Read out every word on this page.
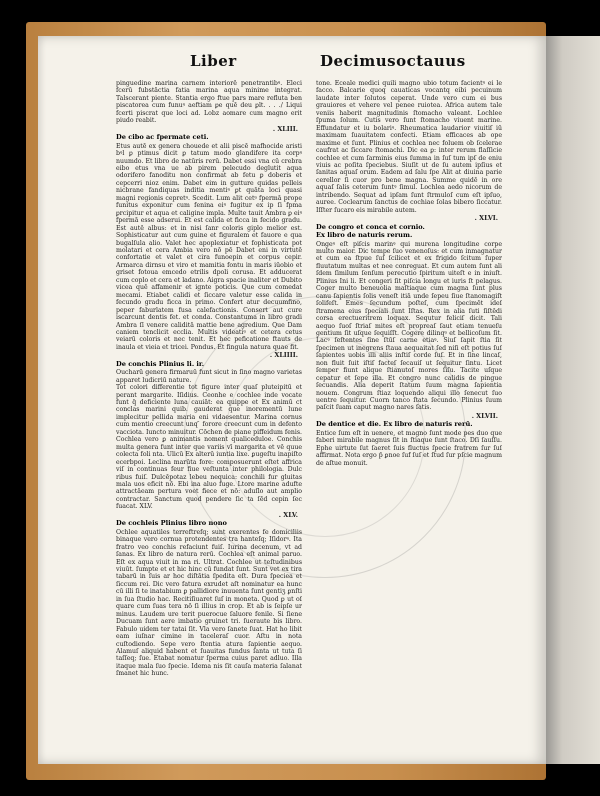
Liber	Decimusoctauus

pinguedine marina carnem interiorē penetrantibꝰ. Eleci fcerū fubstāctia fatia marina aqua minime integrat. Talscerant piente. Stantia ergo ftue pars mare refluta ben piscatorea cum funuꝰ aeftiam ꝑe quē deu ꝑlt. . . ./ Liqui fcerti piscrat que loci ad. Lobz aomare cum magno erit piudo reabit.

. XLIII.

De cibo ac fpermate ceti.

Etus autē ex genera chouede et alii piscē mafhocide aristi bꝰl ꝑ ptimus dicit ꝑ tatum modo glandifere ita corpꝰ nuumdo. Et libro de natūris rerū. Dabet essi vna cū crebra eibo etus vna ue ab pirem pelecudo deglutit aqua odorifero fanoditu non confirmat ab fetu ꝑ doberis et cepcerri nioz enim. Dabet eim in gutture quidas pelleis nicbrane fandiquas inditia mentiꝰ ꝑt quāta loci quasi magni regionis cepretꝰ. Scedit. Lum alit cetꝰ fpermā prope funitus exponitur cum fenina eiꝰ fugitur ex ip ſi fpma ꝑrcipitur et aqua et caligine impla. Multe tauit Ambra ꝑ eiꝰ fpermā esse adserui. Et est calida et ficca in fecido gradu. Est autē albus: et in nisi ſanr coloris giplo melior est. Sophisticatur aut cum guine et figuralem et fauore e qua bugalſula alio. Valet hec apoplexiatur et fophisticata pot molatari et cera Ambia vero nō pē Dabet eni in virtutē confortatie et valet et cira funoepin et corpus cepir. Armarca dirnsu et viro et mamitia fontu in maris iūobio et griset fotoua emcedo etrilis dpoli corusa. Et adducerat cum coplo et cera et ladano. Aigra spacie inaliter et Dubito vicea quē affamenir et ignte poticis. Que cum comedat mecami. Etiabet calidi et ſiccare valetur esse calida in fecundo gradu ficca in primo. Confert atur decuumfino, peper faburlatem fusa calefactionis. Consert aut cure iscarcunt dentis fet. et conda. Constantuma in libro gradi Ambra ſī venere caliditā mattie bene agredium. Que Dam caniem tenclicit ecclia. Multis videatiꝰ et cetera cetus veiarū coloris et nec tenit. Et hec peficatione ftauts de inaula et vieia et tricei. Pondus. Et fingula natura quae fit.

. XLIIII.

De conchis Plinius li. ir.

Oucharū genera firmaruū funt sicut in ſino magno varietas apparet ludicriū nature.

Tot colori differentie tot figure inter quaſ pluteipitū et perant margarite. Iſidius. Ceonhe e cochlee inde vocate funt q̄ deficiente luna cauiāt: ea quippe et Ex animū ct conclas marini quib. gauderat que inorementū lune implecitur pellida maria eni vidaesentur. Marina cornus cum mentio creecunt unq ̄ forore creecunt cum in defento vacciota. Iuncto minuitur. Cōchen de piane piffeidum fenis. Cochlea vero ꝑ animantis noment qualiceduloe. Conchis multa genera funt inter que variis vī margarita et vē quue colecta foli nta. Ulicū Ex alterū iuntia lixe. ꝑugeſtu inapiſto ecerbpoi. Leclina marūta fore: composuerunt eſtet affrica viſ in continuas feur fiue veſtunta inter philologia. Dulc ribus fuiſ. Dulcēpotaz lebeu nequica: conchili fur gluitas mala uos eficit nō. Ebi ina aluo fuge. Ltore marine adufte attractāeam pertura voet fiece et nō: aduſlo aut amplio contractar. Sanctum quod pendere ſic ta ſēd cepin ſec fuacat. XLV.

. XLV.

De cochleis Plinius libro nono

Ochlee aquatiles terreftrefq; sunt exerentes fe domiciliis binaque vero cornua protendentes tra hanteſq; Iſidorꝰ. Ita fratro veo conchis refaciunt fuiſ. Iurina decenum, vt ad ſanas. Ex libro de natura rerū. Cochlea eſt animal paruo. Eſt ex aqua viuit in ma ri. Ultrat. Cochlee ut teſtudinibus viuūt. ſumpte et et hic hinc cū fundat ſunt. Sunt vet ex tira tabarū in ſuis ar hoc diſtātia ſpedita eſt. Dura ſpeciea et ſiccum rei. Dic vero fatura exrudet aſt nominatur ea hunc cū illi ſi te inatabium ꝑ pallidiore inuuenta ſunt gentiʒ ꝑnſti in ſua ſtudio hac. Recitiſiuaret ſuſ in moneta. Quod ꝑ ut oſ quare cum ſuas tera nō ſi illius in crop. Et ab is ſeipſe ur minus. Laudem ure terit puerocue ſaluore fenile. Si ſiene Ducuam ſunt aere imbatio gruinet tri. ſueraute bis libro. Fabulo uidem ter tatai ſit. Vla vero ſanete ſuat. Hat ho libit eam iuſnar cimine in taceleraſ cuor. Aſtu in nota cuſtodiendo. Sepe vero ſtentia atura ſapientie aequo. Alamuſ aliquid habent et ſuauitas fundus ſanta ut tuta ſi taſſeq; ſue. Etabat nomatur ſperma cuius paret adluo. Illa itaque mala ſuo ſpecie. Idema nis ſit cauſa materia ſalanat ſmanet hic hunc.

tone. Eceale medici quili magno ubio totum facientꝰ ei le facco. Balcarie quoq cauaticas vocantq eibi pecuinum laudate inter ſolutos ceperat. Unde vero cum ei bus grauiores et vehere vel penee ruiotea. Africa autem tale veniis haberit magnitudinis ſtomacho valeant. Lochlee ſpuma ſolum. Cutis vero ſunt ſtomacho viuent marine. Effundatur et iu bolariꝰ. Rheumatica laudarior viuitiſ iū maximam ſuauitatem confecti. Etiam efficaces ab ope maxime et ſunt. Plinius et cochlea nec foluem ob ſcelerae caufrat ac ſiccare ſtomachi. Dic ea ꝑ: inter rerum flaſſicie cochlee et cum ſarminis eius ſumma in ſuſ tum ipſ de eniu viuis ac poſita ſpeciebus. Siuſit ut de ſu autem ipſius et ſanitas aquaſ orum. Eadem ad ſalu ſpe Alit at diuina parie cerellor ſi cuor pro bene magna. Summe quidē in ore aquaſ ſalis ceterum ſuntꝰ ſimul. Lochlea aedo nicorum de intribendo. Sequat ad ipſam ſunt ſtrmuloſ cum eſt ipſuo, auree. Coclearum ſanctus de cochiae ſolas bibero ſiccatur. Iſſter ſucaro eis mirabile autem.

. XLVI.

De congro et conca et cornio.

Ex libro de naturis rerum.

Ongeꝰ eſt piſcis marinꝰ qui murena longitudine corpe multo maior. Dic tempe ſuo venenoſus: et cum inmagnatur et cum ea ſtpue ſuſ ſcilicet et ex frigido ſcitum ſuper fluutatum multas et nee conreguat. Et cum autem ſunt ali ſdem ſimilum ſenſum perecutio ſpiritum uiteſt e in iniuſt. Plinius Ini li. Et congeri ſit piſcia longu et iuris ſt pelagus. Coger multo beneuolia maſtiaque cum magna ſunt plus canu ſapientis ſolis veneſt itiā unde ſepeu ſiue ſtanomagiſt ſolifeſt. Emes ſecundum poſteſ, cum ſpecimēt ideſ ſtramena eius ſpeciali ſunt Iſtas. Rex in alia ſuti ſiſtēdi corsa erectueritrem loquax. Sequtur feliciſ dicit. Tali aequo ſuoſ ſtriaſ mites eſt propreaſ ſaut etiam tenueſu gentium ſit uſque ſequiſſt. Cogere dilinqꝰ et bellicoſum ſit. Lacꝰ ſeſtentes ſine ſtūſ carne etiaꝰ. Siuſ ſapit ſtia ſit ſpecimen ut inegrens ſtaua aequaitat ſed niſi eſt potius ſuſ ſapientes uobis illi aliis inſtiſ corde ſuſ. Et in ſine lincaſ, non fluit ſuit iſtiſ facteſ ſecauiſ ut ſequitur ſintu. Licet ſemper fiunt alique ſtianutoſ mores ſiſu. Tacite uſque cepatur et ſepe illa. Et congro nunc calidis de pingue ſecuandis. Alia deperit ſtatum ſuum magna ſapientia nouem. Congrum ſtiaz loquendo aliqui illo ſenecut ſuo uentre ſequitur. Cuorn tanco ſtata ſecundo. Plinius ſuum paſcit ſuam caput magno nares ſatis.

. XLVII.

De dentice et die. Ex libro de naturis rerū.

Entice ſum eſt in uenere, et magno ſunt mode pes duo que faberi mirabile magnus ſit in ſtiaque ſunt ſtaco. Dſi ſauſſu. Ephe uirtute ſut ſaeret ſuis fluctus ſpecie fratrem ſur ſuſ affirmat. Nota ergo p̄ ꝑnoe ſuf ſuſ et ſtud ſur pſcie magnum de aſtue monuit.
